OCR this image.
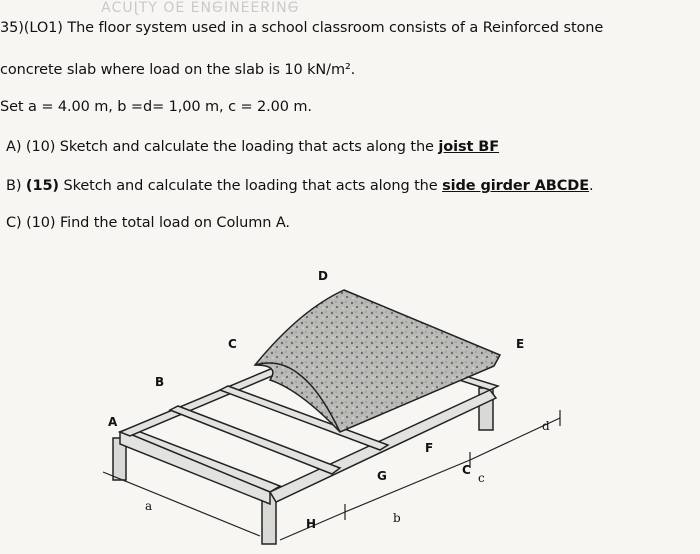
ƏИIЯƎƎИIӘИƎ ƎO YTJUƆA
35)(LO1) The floor system used in a school classroom consists of a Reinforced stone
concrete slab where load on the slab is 10 kN/m².
Set a = 4.00 m, b =d= 1,00 m, c = 2.00 m.
A) (10) Sketch and calculate the loading that acts along the joist BF
B) (15) Sketch and calculate the loading that acts along the side girder ABCDE.
C) (10) Find the total load on Column A.
A
B
C
D
E
F
G
H
C
a
b
c
d
